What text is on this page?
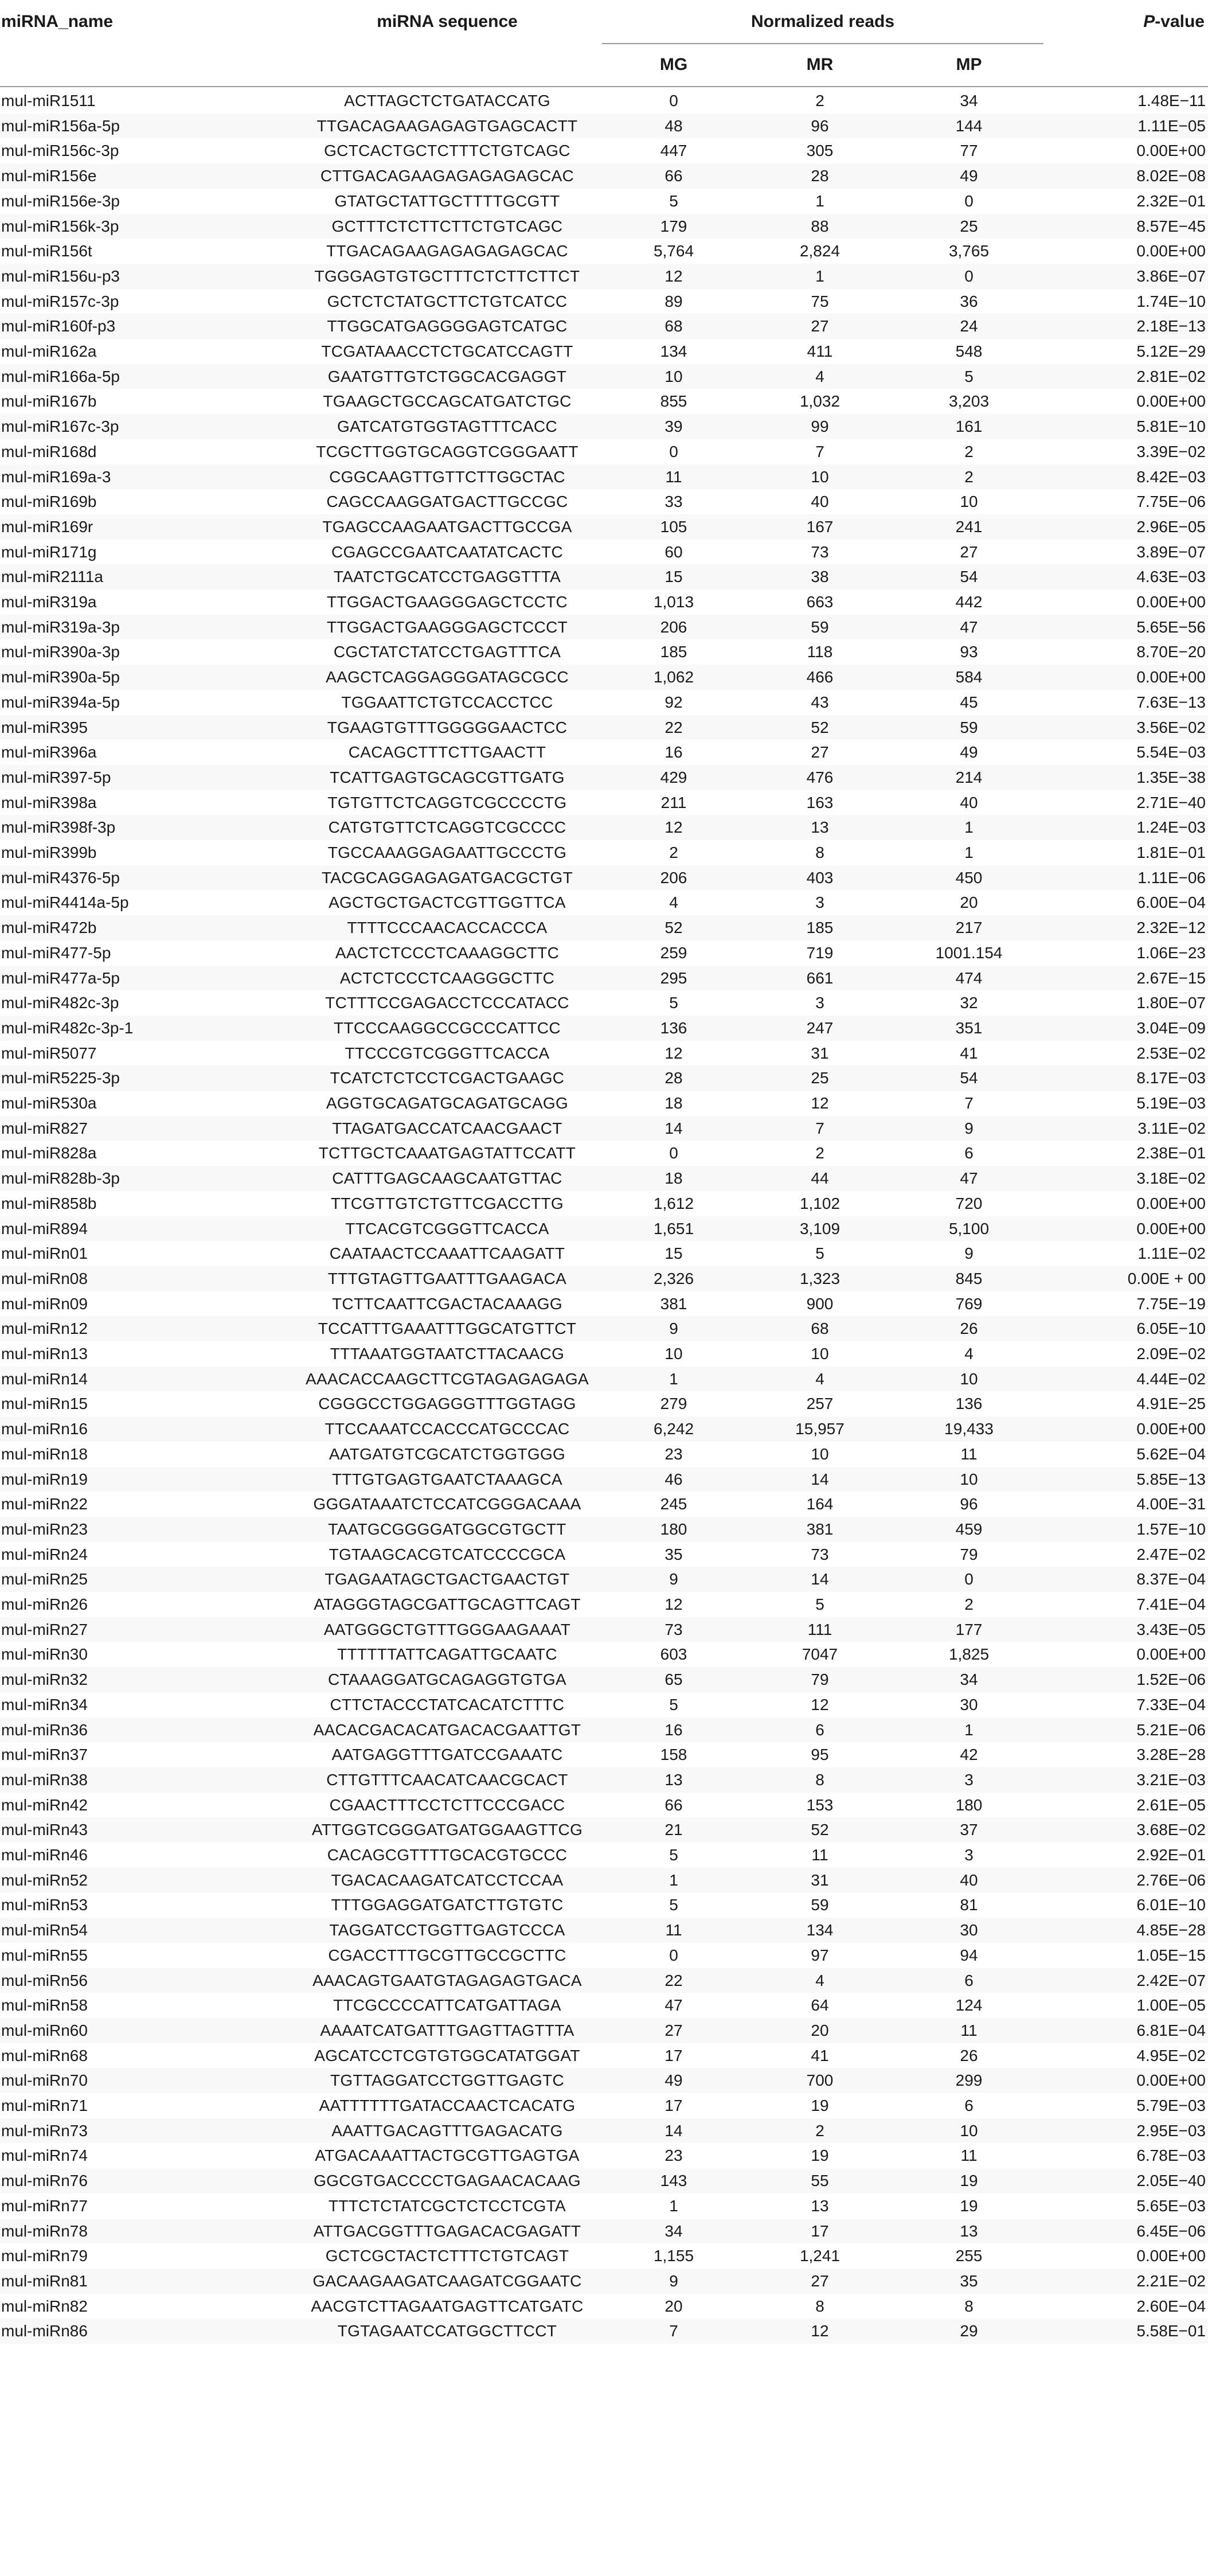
miRNA_name	miRNA sequence	Normalized reads	P-value
MG	MR	MP
mul-miR1511	ACTTAGCTCTGATACCATG	0	2	34	1.48E−11
mul-miR156a-5p	TTGACAGAAGAGAGTGAGCACTT	48	96	144	1.11E−05
mul-miR156c-3p	GCTCACTGCTCTTTCTGTCAGC	447	305	77	0.00E+00
mul-miR156e	CTTGACAGAAGAGAGAGAGCAC	66	28	49	8.02E−08
mul-miR156e-3p	GTATGCTATTGCTTTTGCGTT	5	1	0	2.32E−01
mul-miR156k-3p	GCTTTCTCTTCTTCTGTCAGC	179	88	25	8.57E−45
mul-miR156t	TTGACAGAAGAGAGAGAGCAC	5,764	2,824	3,765	0.00E+00
mul-miR156u-p3	TGGGAGTGTGCTTTCTCTTCTTCT	12	1	0	3.86E−07
mul-miR157c-3p	GCTCTCTATGCTTCTGTCATCC	89	75	36	1.74E−10
mul-miR160f-p3	TTGGCATGAGGGGAGTCATGC	68	27	24	2.18E−13
mul-miR162a	TCGATAAACCTCTGCATCCAGTT	134	411	548	5.12E−29
mul-miR166a-5p	GAATGTTGTCTGGCACGAGGT	10	4	5	2.81E−02
mul-miR167b	TGAAGCTGCCAGCATGATCTGC	855	1,032	3,203	0.00E+00
mul-miR167c-3p	GATCATGTGGTAGTTTCACC	39	99	161	5.81E−10
mul-miR168d	TCGCTTGGTGCAGGTCGGGAATT	0	7	2	3.39E−02
mul-miR169a-3	CGGCAAGTTGTTCTTGGCTAC	11	10	2	8.42E−03
mul-miR169b	CAGCCAAGGATGACTTGCCGC	33	40	10	7.75E−06
mul-miR169r	TGAGCCAAGAATGACTTGCCGA	105	167	241	2.96E−05
mul-miR171g	CGAGCCGAATCAATATCACTC	60	73	27	3.89E−07
mul-miR2111a	TAATCTGCATCCTGAGGTTTA	15	38	54	4.63E−03
mul-miR319a	TTGGACTGAAGGGAGCTCCTC	1,013	663	442	0.00E+00
mul-miR319a-3p	TTGGACTGAAGGGAGCTCCCT	206	59	47	5.65E−56
mul-miR390a-3p	CGCTATCTATCCTGAGTTTCA	185	118	93	8.70E−20
mul-miR390a-5p	AAGCTCAGGAGGGATAGCGCC	1,062	466	584	0.00E+00
mul-miR394a-5p	TGGAATTCTGTCCACCTCC	92	43	45	7.63E−13
mul-miR395	TGAAGTGTTTGGGGGAACTCC	22	52	59	3.56E−02
mul-miR396a	CACAGCTTTCTTGAACTT	16	27	49	5.54E−03
mul-miR397-5p	TCATTGAGTGCAGCGTTGATG	429	476	214	1.35E−38
mul-miR398a	TGTGTTCTCAGGTCGCCCCTG	211	163	40	2.71E−40
mul-miR398f-3p	CATGTGTTCTCAGGTCGCCCC	12	13	1	1.24E−03
mul-miR399b	TGCCAAAGGAGAATTGCCCTG	2	8	1	1.81E−01
mul-miR4376-5p	TACGCAGGAGAGATGACGCTGT	206	403	450	1.11E−06
mul-miR4414a-5p	AGCTGCTGACTCGTTGGTTCA	4	3	20	6.00E−04
mul-miR472b	TTTTCCCAACACCACCCA	52	185	217	2.32E−12
mul-miR477-5p	AACTCTCCCTCAAAGGCTTC	259	719	1001.154	1.06E−23
mul-miR477a-5p	ACTCTCCCTCAAGGGCTTC	295	661	474	2.67E−15
mul-miR482c-3p	TCTTTCCGAGACCTCCCATACC	5	3	32	1.80E−07
mul-miR482c-3p-1	TTCCCAAGGCCGCCCATTCC	136	247	351	3.04E−09
mul-miR5077	TTCCCGTCGGGTTCACCA	12	31	41	2.53E−02
mul-miR5225-3p	TCATCTCTCCTCGACTGAAGC	28	25	54	8.17E−03
mul-miR530a	AGGTGCAGATGCAGATGCAGG	18	12	7	5.19E−03
mul-miR827	TTAGATGACCATCAACGAACT	14	7	9	3.11E−02
mul-miR828a	TCTTGCTCAAATGAGTATTCCATT	0	2	6	2.38E−01
mul-miR828b-3p	CATTTGAGCAAGCAATGTTAC	18	44	47	3.18E−02
mul-miR858b	TTCGTTGTCTGTTCGACCTTG	1,612	1,102	720	0.00E+00
mul-miR894	TTCACGTCGGGTTCACCA	1,651	3,109	5,100	0.00E+00
mul-miRn01	CAATAACTCCAAATTCAAGATT	15	5	9	1.11E−02
mul-miRn08	TTTGTAGTTGAATTTGAAGACA	2,326	1,323	845	0.00E + 00
mul-miRn09	TCTTCAATTCGACTACAAAGG	381	900	769	7.75E−19
mul-miRn12	TCCATTTGAAATTTGGCATGTTCT	9	68	26	6.05E−10
mul-miRn13	TTTAAATGGTAATCTTACAACG	10	10	4	2.09E−02
mul-miRn14	AAACACCAAGCTTCGTAGAGAGAGA	1	4	10	4.44E−02
mul-miRn15	CGGGCCTGGAGGGTTTGGTAGG	279	257	136	4.91E−25
mul-miRn16	TTCCAAATCCACCCATGCCCAC	6,242	15,957	19,433	0.00E+00
mul-miRn18	AATGATGTCGCATCTGGTGGG	23	10	11	5.62E−04
mul-miRn19	TTTGTGAGTGAATCTAAAGCA	46	14	10	5.85E−13
mul-miRn22	GGGATAAATCTCCATCGGGACAAA	245	164	96	4.00E−31
mul-miRn23	TAATGCGGGGATGGCGTGCTT	180	381	459	1.57E−10
mul-miRn24	TGTAAGCACGTCATCCCCGCA	35	73	79	2.47E−02
mul-miRn25	TGAGAATAGCTGACTGAACTGT	9	14	0	8.37E−04
mul-miRn26	ATAGGGTAGCGATTGCAGTTCAGT	12	5	2	7.41E−04
mul-miRn27	AATGGGCTGTTTGGGAAGAAAT	73	111	177	3.43E−05
mul-miRn30	TTTTTTATTCAGATTGCAATC	603	7047	1,825	0.00E+00
mul-miRn32	CTAAAGGATGCAGAGGTGTGA	65	79	34	1.52E−06
mul-miRn34	CTTCTACCCTATCACATCTTTC	5	12	30	7.33E−04
mul-miRn36	AACACGACACATGACACGAATTGT	16	6	1	5.21E−06
mul-miRn37	AATGAGGTTTGATCCGAAATC	158	95	42	3.28E−28
mul-miRn38	CTTGTTTCAACATCAACGCACT	13	8	3	3.21E−03
mul-miRn42	CGAACTTTCCTCTTCCCGACC	66	153	180	2.61E−05
mul-miRn43	ATTGGTCGGGATGATGGAAGTTCG	21	52	37	3.68E−02
mul-miRn46	CACAGCGTTTTGCACGTGCCC	5	11	3	2.92E−01
mul-miRn52	TGACACAAGATCATCCTCCAA	1	31	40	2.76E−06
mul-miRn53	TTTGGAGGATGATCTTGTGTC	5	59	81	6.01E−10
mul-miRn54	TAGGATCCTGGTTGAGTCCCA	11	134	30	4.85E−28
mul-miRn55	CGACCTTTGCGTTGCCGCTTC	0	97	94	1.05E−15
mul-miRn56	AAACAGTGAATGTAGAGAGTGACA	22	4	6	2.42E−07
mul-miRn58	TTCGCCCCATTCATGATTAGA	47	64	124	1.00E−05
mul-miRn60	AAAATCATGATTTGAGTTAGTTTA	27	20	11	6.81E−04
mul-miRn68	AGCATCCTCGTGTGGCATATGGAT	17	41	26	4.95E−02
mul-miRn70	TGTTAGGATCCTGGTTGAGTC	49	700	299	0.00E+00
mul-miRn71	AATTTTTTGATACCAACTCACATG	17	19	6	5.79E−03
mul-miRn73	AAATTGACAGTTTGAGACATG	14	2	10	2.95E−03
mul-miRn74	ATGACAAATTACTGCGTTGAGTGA	23	19	11	6.78E−03
mul-miRn76	GGCGTGACCCCTGAGAACACAAG	143	55	19	2.05E−40
mul-miRn77	TTTCTCTATCGCTCTCCTCGTA	1	13	19	5.65E−03
mul-miRn78	ATTGACGGTTTGAGACACGAGATT	34	17	13	6.45E−06
mul-miRn79	GCTCGCTACTCTTTCTGTCAGT	1,155	1,241	255	0.00E+00
mul-miRn81	GACAAGAAGATCAAGATCGGAATC	9	27	35	2.21E−02
mul-miRn82	AACGTCTTAGAATGAGTTCATGATC	20	8	8	2.60E−04
mul-miRn86	TGTAGAATCCATGGCTTCCT	7	12	29	5.58E−01
